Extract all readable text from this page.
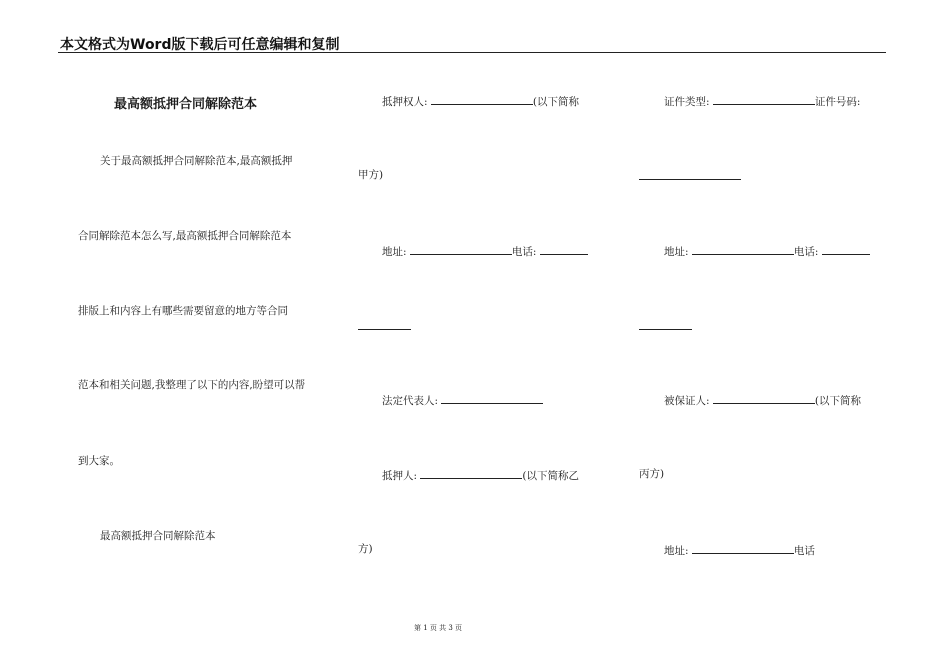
本文格式为Word版下载后可任意编辑和复制
最高额抵押合同解除范本
关于最高额抵押合同解除范本,最高额抵押
合同解除范本怎么写,最高额抵押合同解除范本
排版上和内容上有哪些需要留意的地方等合同
范本和相关问题,我整理了以下的内容,盼望可以帮
到大家。
最高额抵押合同解除范本
抵押权人:	(以下简称
甲方)
地址:	电话:
法定代表人:
抵押人:	(以下简称乙
方)
证件类型:	证件号码:
地址:	电话:
被保证人:	(以下简称
丙方)
地址:	电话
第 1 页 共 3 页
